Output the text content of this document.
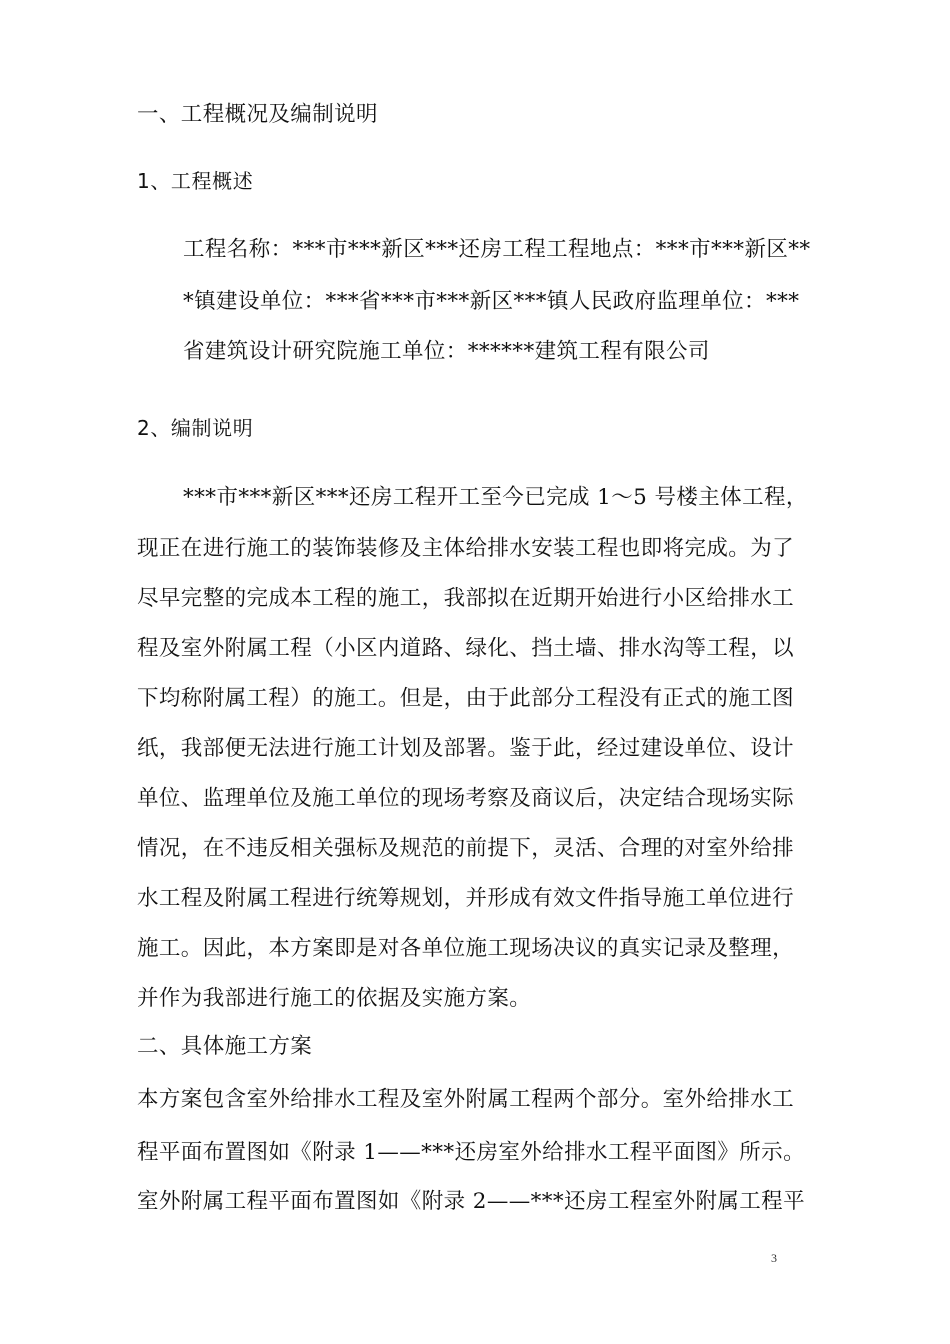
一、工程概况及编制说明
1、工程概述
工程名称：***市***新区***还房工程工程地点：***市***新区**
*镇建设单位：***省***市***新区***镇人民政府监理单位：***
省建筑设计研究院施工单位：******建筑工程有限公司
2、编制说明
***市***新区***还房工程开工至今已完成 1～5 号楼主体工程，
现正在进行施工的装饰装修及主体给排水安装工程也即将完成。为了
尽早完整的完成本工程的施工，我部拟在近期开始进行小区给排水工
程及室外附属工程（小区内道路、绿化、挡土墙、排水沟等工程，以
下均称附属工程）的施工。但是，由于此部分工程没有正式的施工图
纸，我部便无法进行施工计划及部署。鉴于此，经过建设单位、设计
单位、监理单位及施工单位的现场考察及商议后，决定结合现场实际
情况，在不违反相关强标及规范的前提下，灵活、合理的对室外给排
水工程及附属工程进行统筹规划，并形成有效文件指导施工单位进行
施工。因此，本方案即是对各单位施工现场决议的真实记录及整理，
并作为我部进行施工的依据及实施方案。
二、具体施工方案
本方案包含室外给排水工程及室外附属工程两个部分。室外给排水工
程平面布置图如《附录 1——***还房室外给排水工程平面图》所示。
室外附属工程平面布置图如《附录 2——***还房工程室外附属工程平
3
